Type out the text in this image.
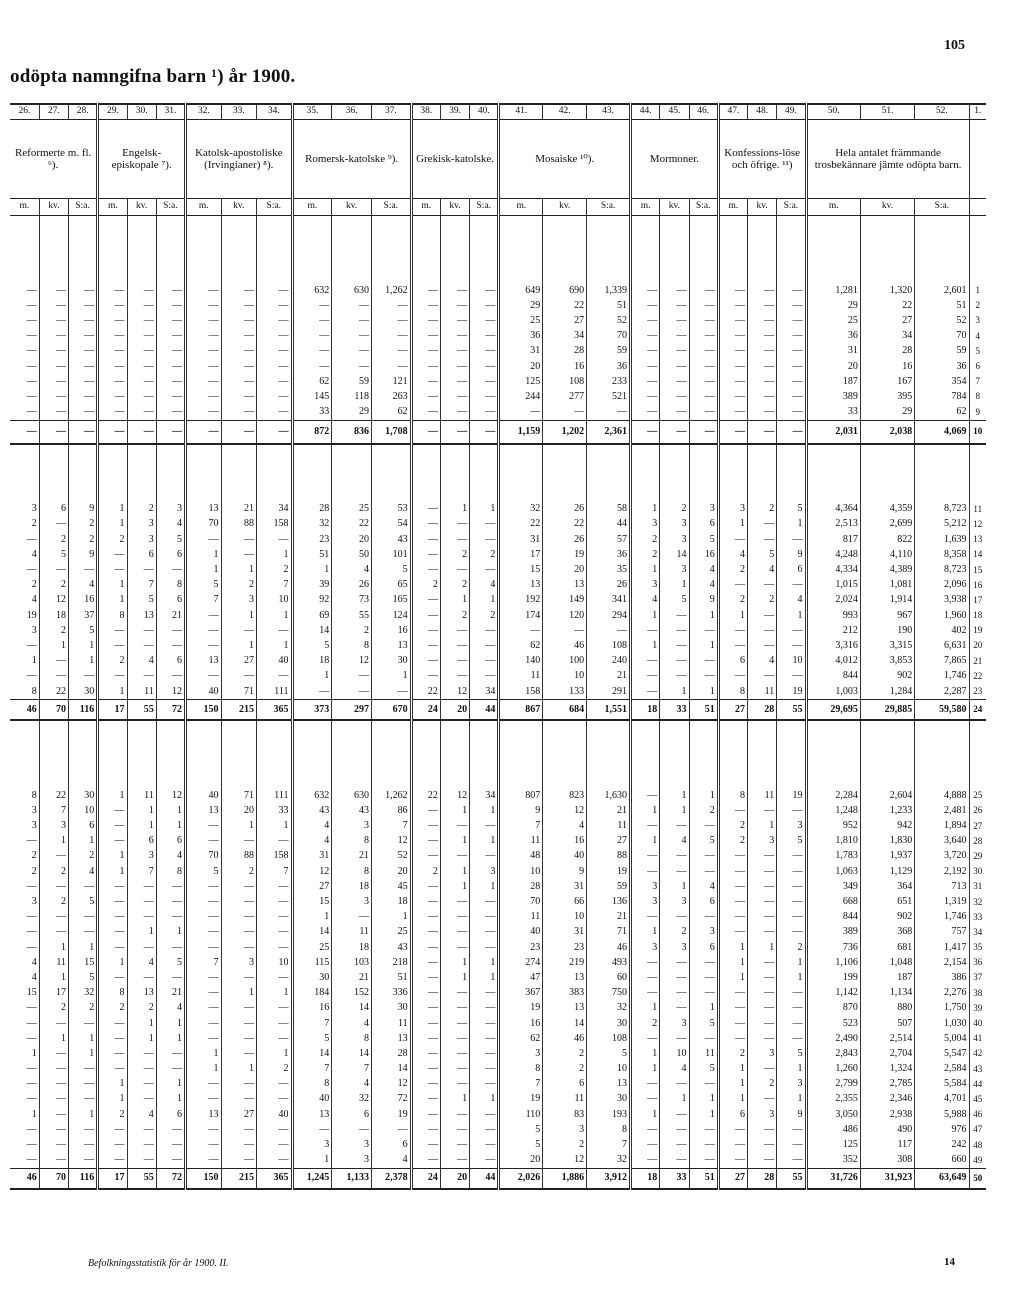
odöpta namngifna barn ¹) år 1900.
105
26.	27.	28.	29.	30.	31.	32.	33.	34.	35.	36.	37.	38.	39.	40.	41.	42.	43.	44.	45.	46.	47.	48.	49.	50.	51.	52.	1.
Reformerte m. fl. ⁶).			Engelsk-episkopale ⁷).			Katolsk-apostoliske (Irvingianer) ⁸).			Romersk-katolske ⁹).			Grekisk-katolske.			Mosaiske ¹⁰).			Mormoner.			Konfessions-löse och öfrige. ¹¹)			Hela antalet främmande trosbekännare jämte odöpta barn.			
m.	kv.	S:a.	m.	kv.	S:a.	m.	kv.	S:a.	m.	kv.	S:a.	m.	kv.	S:a.	m.	kv.	S:a.	m.	kv.	S:a.	m.	kv.	S:a.	m.	kv.	S:a.	

—	—	—	—	—	—	—	—	—	632	630	1,262	—	—	—	649	690	1,339	—	—	—	—	—	—	1,281	1,320	2,601	1
—	—	—	—	—	—	—	—	—	—	—	—	—	—	—	29	22	51	—	—	—	—	—	—	29	22	51	2
—	—	—	—	—	—	—	—	—	—	—	—	—	—	—	25	27	52	—	—	—	—	—	—	25	27	52	3
—	—	—	—	—	—	—	—	—	—	—	—	—	—	—	36	34	70	—	—	—	—	—	—	36	34	70	4
—	—	—	—	—	—	—	—	—	—	—	—	—	—	—	31	28	59	—	—	—	—	—	—	31	28	59	5
—	—	—	—	—	—	—	—	—	—	—	—	—	—	—	20	16	36	—	—	—	—	—	—	20	16	36	6
—	—	—	—	—	—	—	—	—	62	59	121	—	—	—	125	108	233	—	—	—	—	—	—	187	167	354	7
—	—	—	—	—	—	—	—	—	145	118	263	—	—	—	244	277	521	—	—	—	—	—	—	389	395	784	8
—	—	—	—	—	—	—	—	—	33	29	62	—	—	—	—	—	—	—	—	—	—	—	—	33	29	62	9
—	—	—	—	—	—	—	—	—	872	836	1,708	—	—	—	1,159	1,202	2,361	—	—	—	—	—	—	2,031	2,038	4,069	10

3	6	9	1	2	3	13	21	34	28	25	53	—	1	1	32	26	58	1	2	3	3	2	5	4,364	4,359	8,723	11
2	—	2	1	3	4	70	88	158	32	22	54	—	—	—	22	22	44	3	3	6	1	—	1	2,513	2,699	5,212	12
—	2	2	2	3	5	—	—	—	23	20	43	—	—	—	31	26	57	2	3	5	—	—	—	817	822	1,639	13
4	5	9	—	6	6	1	—	1	51	50	101	—	2	2	17	19	36	2	14	16	4	5	9	4,248	4,110	8,358	14
—	—	—	—	—	—	1	1	2	1	4	5	—	—	—	15	20	35	1	3	4	2	4	6	4,334	4,389	8,723	15
2	2	4	1	7	8	5	2	7	39	26	65	2	2	4	13	13	26	3	1	4	—	—	—	1,015	1,081	2,096	16
4	12	16	1	5	6	7	3	10	92	73	165	—	1	1	192	149	341	4	5	9	2	2	4	2,024	1,914	3,938	17
19	18	37	8	13	21	—	1	1	69	55	124	—	2	2	174	120	294	1	—	1	1	—	1	993	967	1,960	18
3	2	5	—	—	—	—	—	—	14	2	16	—	—	—	—	—	—	—	—	—	—	—	—	212	190	402	19
—	1	1	—	—	—	—	1	1	5	8	13	—	—	—	62	46	108	1	—	1	—	—	—	3,316	3,315	6,631	20
1	—	1	2	4	6	13	27	40	18	12	30	—	—	—	140	100	240	—	—	—	6	4	10	4,012	3,853	7,865	21
—	—	—	—	—	—	—	—	—	1	—	1	—	—	—	11	10	21	—	—	—	—	—	—	844	902	1,746	22
8	22	30	1	11	12	40	71	111	—	—	—	22	12	34	158	133	291	—	1	1	8	11	19	1,003	1,284	2,287	23
46	70	116	17	55	72	150	215	365	373	297	670	24	20	44	867	684	1,551	18	33	51	27	28	55	29,695	29,885	59,580	24

8	22	30	1	11	12	40	71	111	632	630	1,262	22	12	34	807	823	1,630	—	1	1	8	11	19	2,284	2,604	4,888	25
3	7	10	—	1	1	13	20	33	43	43	86	—	1	1	9	12	21	1	1	2	—	—	—	1,248	1,233	2,481	26
3	3	6	—	1	1	—	1	1	4	3	7	—	—	—	7	4	11	—	—	—	2	1	3	952	942	1,894	27
—	1	1	—	6	6	—	—	—	4	8	12	—	1	1	11	16	27	1	4	5	2	3	5	1,810	1,830	3,640	28
2	—	2	1	3	4	70	88	158	31	21	52	—	—	—	48	40	88	—	—	—	—	—	—	1,783	1,937	3,720	29
2	2	4	1	7	8	5	2	7	12	8	20	2	1	3	10	9	19	—	—	—	—	—	—	1,063	1,129	2,192	30
—	—	—	—	—	—	—	—	—	27	18	45	—	1	1	28	31	59	3	1	4	—	—	—	349	364	713	31
3	2	5	—	—	—	—	—	—	15	3	18	—	—	—	70	66	136	3	3	6	—	—	—	668	651	1,319	32
—	—	—	—	—	—	—	—	—	1	—	1	—	—	—	11	10	21	—	—	—	—	—	—	844	902	1,746	33
—	—	—	—	1	1	—	—	—	14	11	25	—	—	—	40	31	71	1	2	3	—	—	—	389	368	757	34
—	1	1	—	—	—	—	—	—	25	18	43	—	—	—	23	23	46	3	3	6	1	1	2	736	681	1,417	35
4	11	15	1	4	5	7	3	10	115	103	218	—	1	1	274	219	493	—	—	—	1	—	1	1,106	1,048	2,154	36
4	1	5	—	—	—	—	—	—	30	21	51	—	1	1	47	13	60	—	—	—	1	—	1	199	187	386	37
15	17	32	8	13	21	—	1	1	184	152	336	—	—	—	367	383	750	—	—	—	—	—	—	1,142	1,134	2,276	38
—	2	2	2	2	4	—	—	—	16	14	30	—	—	—	19	13	32	1	—	1	—	—	—	870	880	1,750	39
—	—	—	—	1	1	—	—	—	7	4	11	—	—	—	16	14	30	2	3	5	—	—	—	523	507	1,030	40
—	1	1	—	1	1	—	—	—	5	8	13	—	—	—	62	46	108	—	—	—	—	—	—	2,490	2,514	5,004	41
1	—	1	—	—	—	1	—	1	14	14	28	—	—	—	3	2	5	1	10	11	2	3	5	2,843	2,704	5,547	42
—	—	—	—	—	—	1	1	2	7	7	14	—	—	—	8	2	10	1	4	5	1	—	1	1,260	1,324	2,584	43
—	—	—	1	—	1	—	—	—	8	4	12	—	—	—	7	6	13	—	—	—	1	2	3	2,799	2,785	5,584	44
—	—	—	1	—	1	—	—	—	40	32	72	—	1	1	19	11	30	—	1	1	1	—	1	2,355	2,346	4,701	45
1	—	1	2	4	6	13	27	40	13	6	19	—	—	—	110	83	193	1	—	1	6	3	9	3,050	2,938	5,988	46
—	—	—	—	—	—	—	—	—	—	—	—	—	—	—	5	3	8	—	—	—	—	—	—	486	490	976	47
—	—	—	—	—	—	—	—	—	3	3	6	—	—	—	5	2	7	—	—	—	—	—	—	125	117	242	48
—	—	—	—	—	—	—	—	—	1	3	4	—	—	—	20	12	32	—	—	—	—	—	—	352	308	660	49
46	70	116	17	55	72	150	215	365	1,245	1,133	2,378	24	20	44	2,026	1,886	3,912	18	33	51	27	28	55	31,726	31,923	63,649	50
Befolkningsstatistik för år 1900. II.	14
